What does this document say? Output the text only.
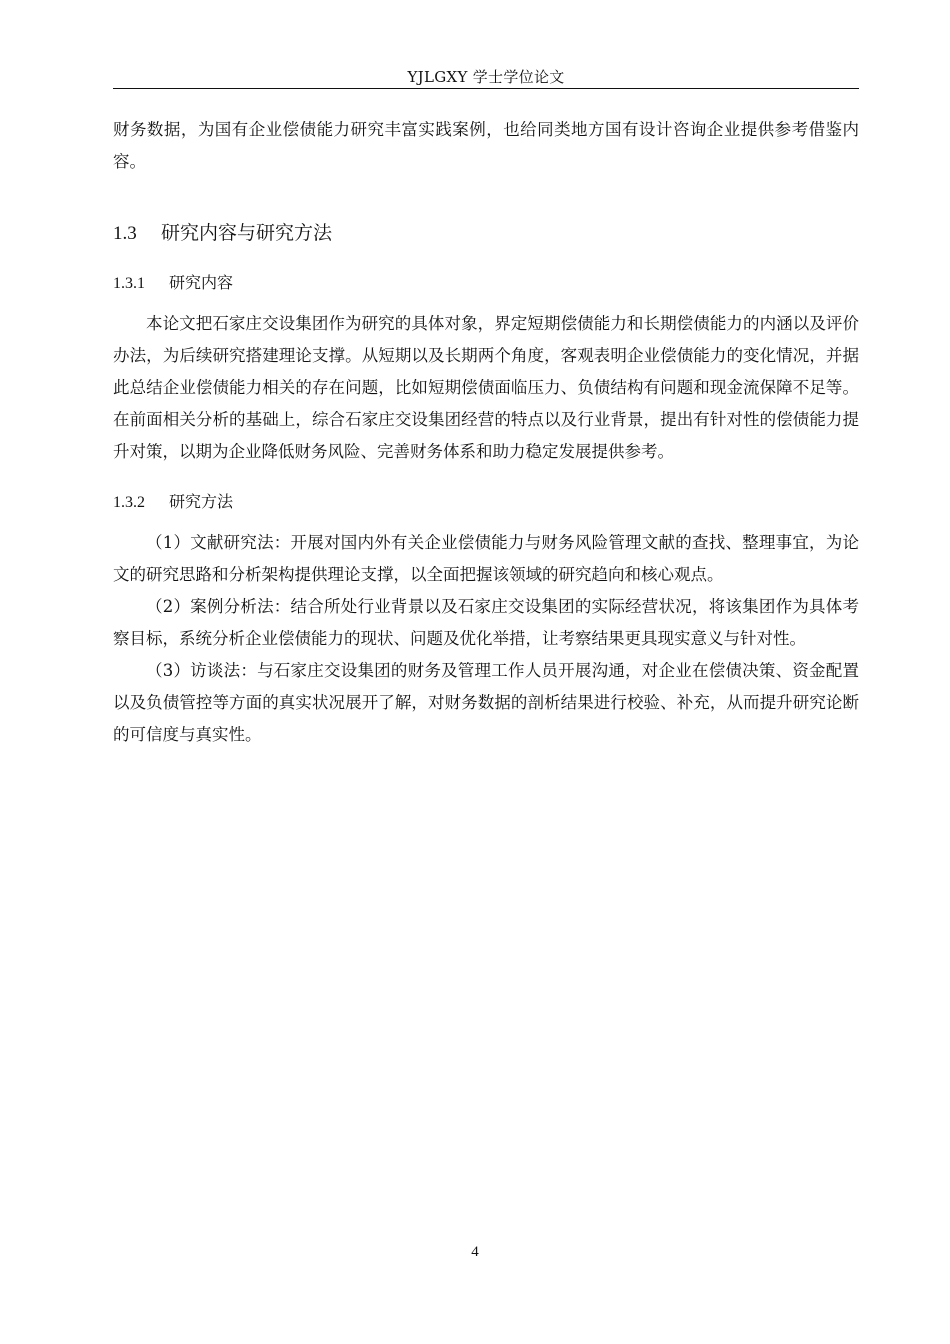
YJLGXY 学士学位论文

财务数据，为国有企业偿债能力研究丰富实践案例，也给同类地方国有设计咨询企业提供参考借鉴内容。

1.3 研究内容与研究方法
1.3.1 研究内容

本论文把石家庄交设集团作为研究的具体对象，界定短期偿债能力和长期偿债能力的内涵以及评价办法，为后续研究搭建理论支撑。从短期以及长期两个角度，客观表明企业偿债能力的变化情况，并据此总结企业偿债能力相关的存在问题，比如短期偿债面临压力、负债结构有问题和现金流保障不足等。在前面相关分析的基础上，综合石家庄交设集团经营的特点以及行业背景，提出有针对性的偿债能力提升对策，以期为企业降低财务风险、完善财务体系和助力稳定发展提供参考。

1.3.2 研究方法

（1）文献研究法：开展对国内外有关企业偿债能力与财务风险管理文献的查找、整理事宜，为论文的研究思路和分析架构提供理论支撑，以全面把握该领域的研究趋向和核心观点。

（2）案例分析法：结合所处行业背景以及石家庄交设集团的实际经营状况，将该集团作为具体考察目标，系统分析企业偿债能力的现状、问题及优化举措，让考察结果更具现实意义与针对性。

（3）访谈法：与石家庄交设集团的财务及管理工作人员开展沟通，对企业在偿债决策、资金配置以及负债管控等方面的真实状况展开了解，对财务数据的剖析结果进行校验、补充，从而提升研究论断的可信度与真实性。

4
